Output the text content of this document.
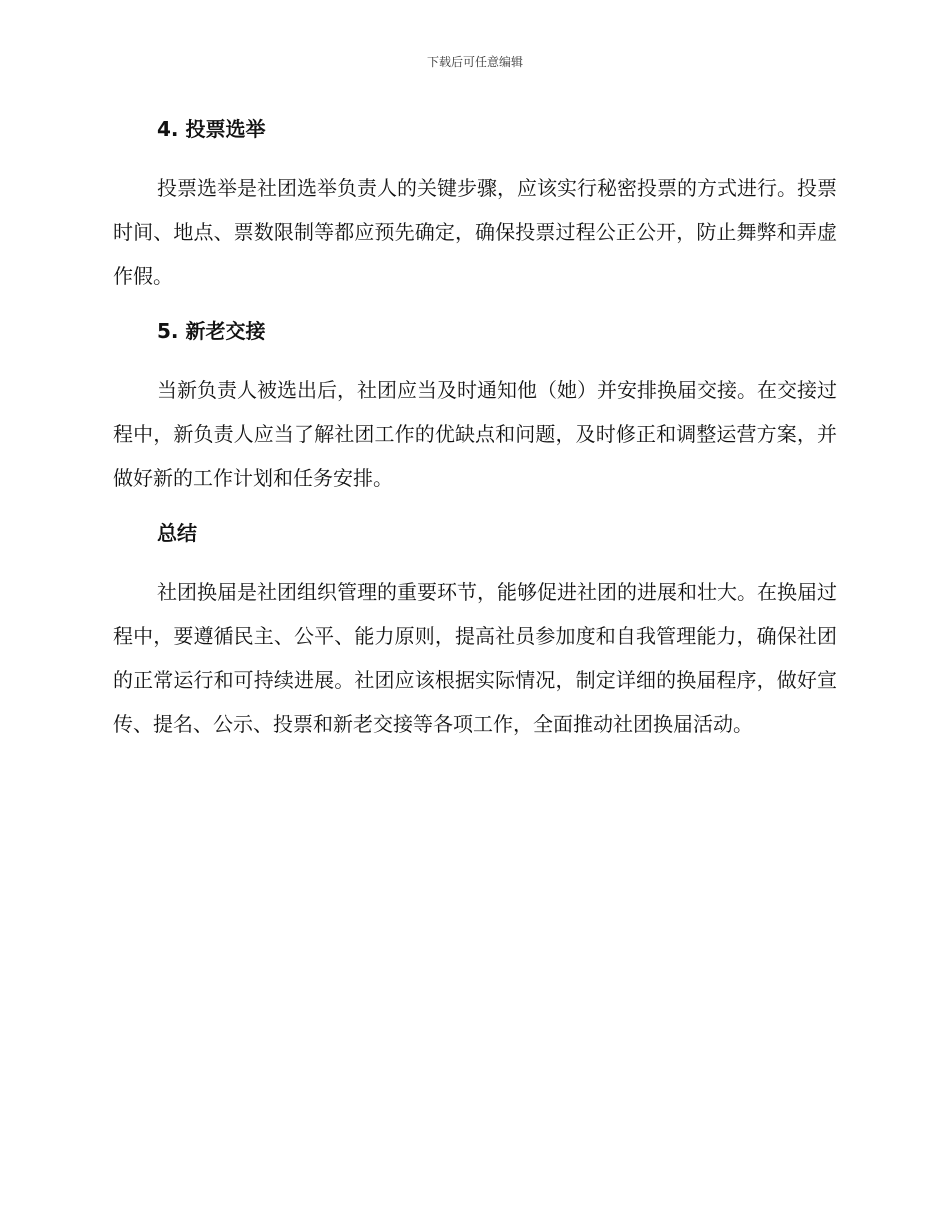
下载后可任意编辑
4. 投票选举

投票选举是社团选举负责人的关键步骤，应该实行秘密投票的方式进行。投票时间、地点、票数限制等都应预先确定，确保投票过程公正公开，防止舞弊和弄虚作假。

5. 新老交接

当新负责人被选出后，社团应当及时通知他（她）并安排换届交接。在交接过程中，新负责人应当了解社团工作的优缺点和问题，及时修正和调整运营方案，并做好新的工作计划和任务安排。

总结

社团换届是社团组织管理的重要环节，能够促进社团的进展和壮大。在换届过程中，要遵循民主、公平、能力原则，提高社员参加度和自我管理能力，确保社团的正常运行和可持续进展。社团应该根据实际情况，制定详细的换届程序，做好宣传、提名、公示、投票和新老交接等各项工作，全面推动社团换届活动。
